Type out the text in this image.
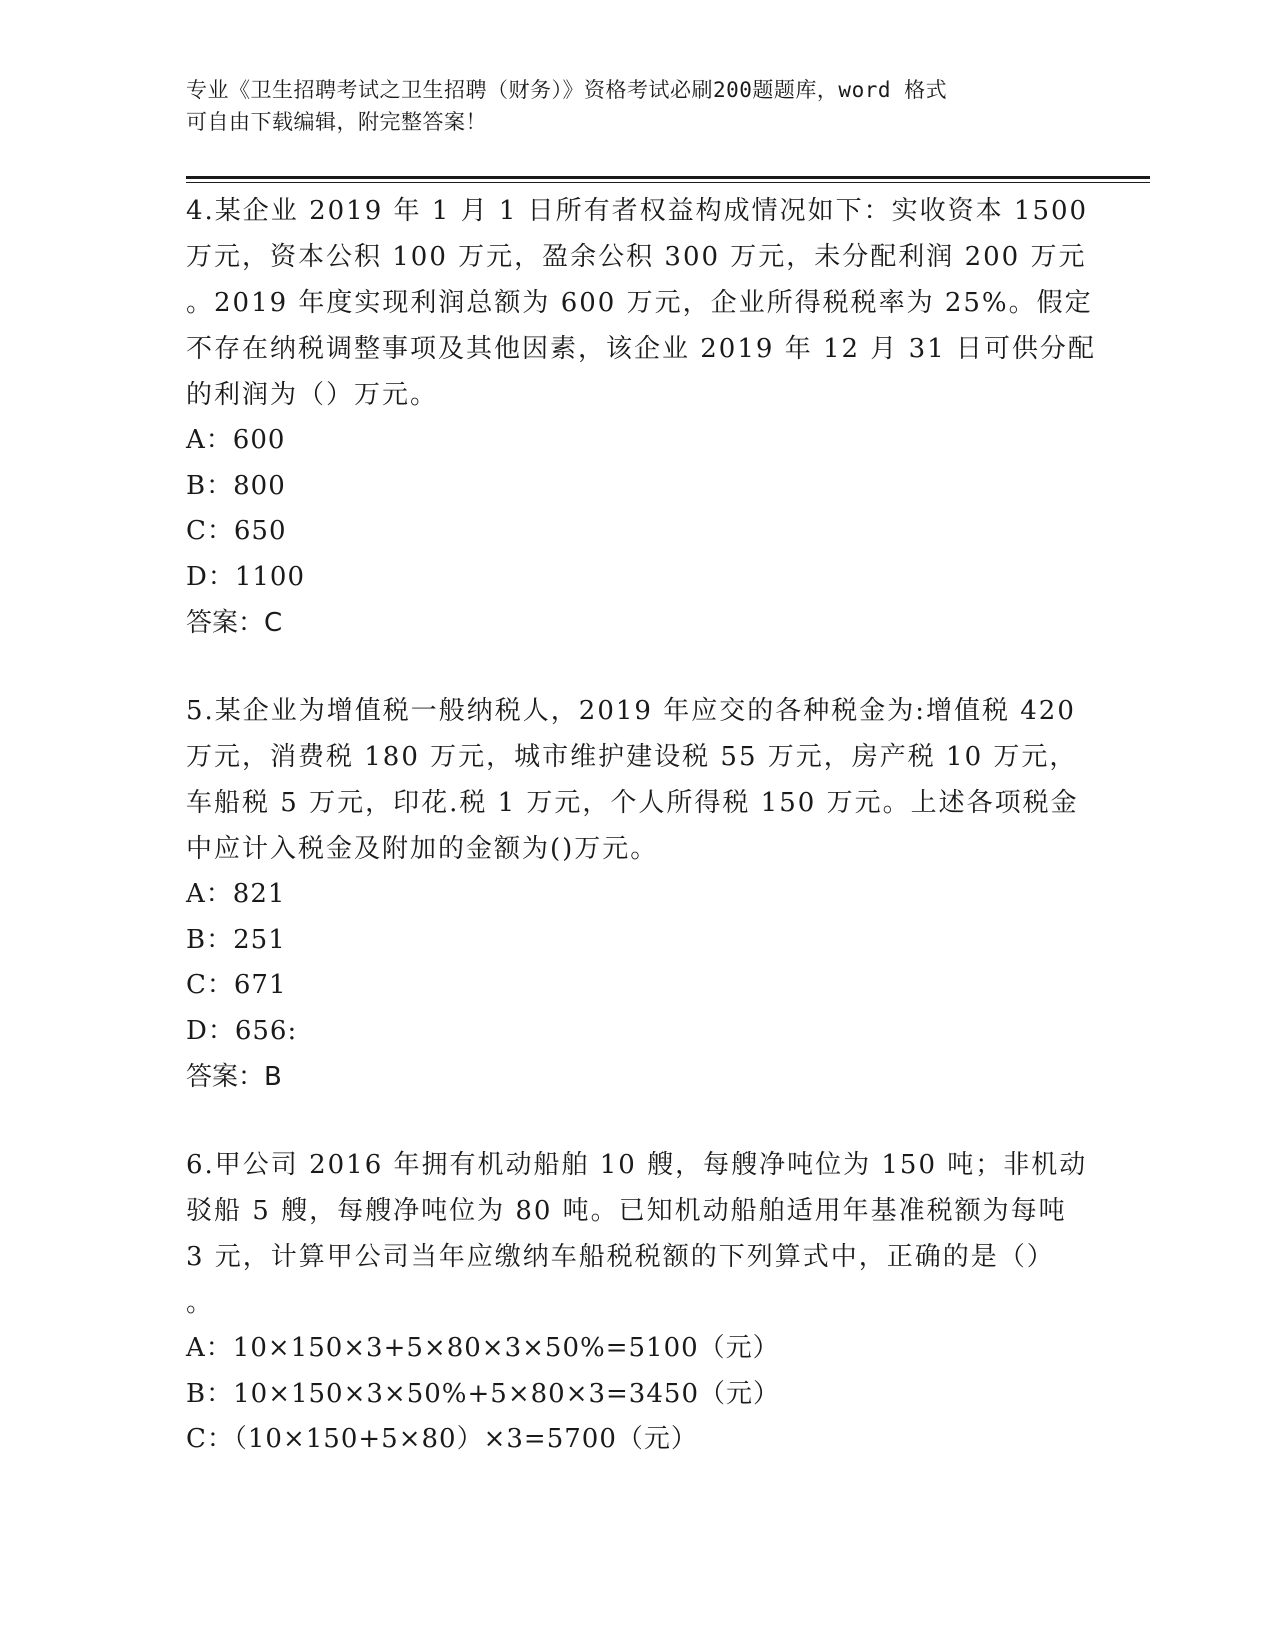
专业《卫生招聘考试之卫生招聘（财务）》资格考试必刷200题题库，word 格式
可自由下载编辑，附完整答案！
4.某企业 2019 年 1 月 1 日所有者权益构成情况如下：实收资本 1500
万元，资本公积 100 万元，盈余公积 300 万元，未分配利润 200 万元
。2019 年度实现利润总额为 600 万元，企业所得税税率为 25%。假定
不存在纳税调整事项及其他因素，该企业 2019 年 12 月 31 日可供分配
的利润为（）万元。
A：600
B：800
C：650
D：1100
答案：C
5.某企业为增值税一般纳税人，2019 年应交的各种税金为:增值税 420
万元，消费税 180 万元，城市维护建设税 55 万元，房产税 10 万元，
车船税 5 万元，印花.税 1 万元，个人所得税 150 万元。上述各项税金
中应计入税金及附加的金额为()万元。
A：821
B：251
C：671
D：656:
答案：B
6.甲公司 2016 年拥有机动船舶 10 艘，每艘净吨位为 150 吨；非机动
驳船 5 艘，每艘净吨位为 80 吨。已知机动船舶适用年基准税额为每吨
3 元，计算甲公司当年应缴纳车船税税额的下列算式中，正确的是（）
。
A：10×150×3+5×80×3×50%=5100（元）
B：10×150×3×50%+5×80×3=3450（元）
C：（10×150+5×80）×3=5700（元）
